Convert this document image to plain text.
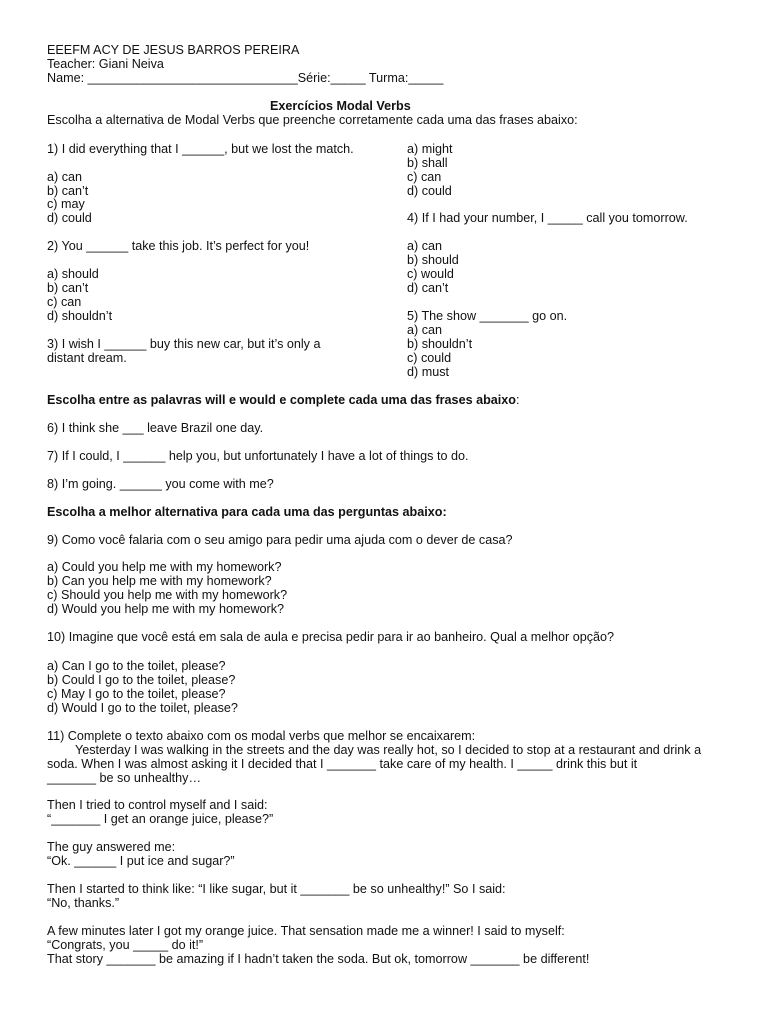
EEEFM ACY DE JESUS BARROS PEREIRA
Teacher: Giani Neiva
Name: ______________________________Série:_____ Turma:_____
Exercícios Modal Verbs
Escolha a alternativa de Modal Verbs que preenche corretamente cada uma das frases abaixo:
1) I did everything that I ______, but we lost the match.
a) can
b) can’t
c) may
d) could
2) You ______ take this job. It’s perfect for you!
a) should
b) can’t
c) can
d) shouldn’t
3) I wish I ______ buy this new car, but it’s only a
distant dream.
a) might
b) shall
c) can
d) could
4) If I had your number, I _____ call you tomorrow.
a) can
b) should
c) would
d) can’t
5) The show _______ go on.
a) can
b) shouldn’t
c) could
d) must
Escolha entre as palavras will e would e complete cada uma das frases abaixo:
6) I think she ___ leave Brazil one day.
7) If I could, I ______ help you, but unfortunately I have a lot of things to do.
8) I’m going. ______ you come with me?
Escolha a melhor alternativa para cada uma das perguntas abaixo:
9) Como você falaria com o seu amigo para pedir uma ajuda com o dever de casa?
a) Could you help me with my homework?
b) Can you help me with my homework?
c) Should you help me with my homework?
d) Would you help me with my homework?
10) Imagine que você está em sala de aula e precisa pedir para ir ao banheiro. Qual a melhor opção?
a) Can I go to the toilet, please?
b) Could I go to the toilet, please?
c) May I go to the toilet, please?
d) Would I go to the toilet, please?
11) Complete o texto abaixo com os modal verbs que melhor se encaixarem:
Yesterday I was walking in the streets and the day was really hot, so I decided to stop at a restaurant and drink a
soda. When I was almost asking it I decided that I _______ take care of my health. I _____ drink this but it
_______ be so unhealthy…
Then I tried to control myself and I said:
“_______ I get an orange juice, please?”
The guy answered me:
“Ok. ______ I put ice and sugar?”
Then I started to think like: “I like sugar, but it _______ be so unhealthy!” So I said:
“No, thanks.”
A few minutes later I got my orange juice. That sensation made me a winner! I said to myself:
“Congrats, you _____ do it!”
That story _______ be amazing if I hadn’t taken the soda. But ok, tomorrow _______ be different!
